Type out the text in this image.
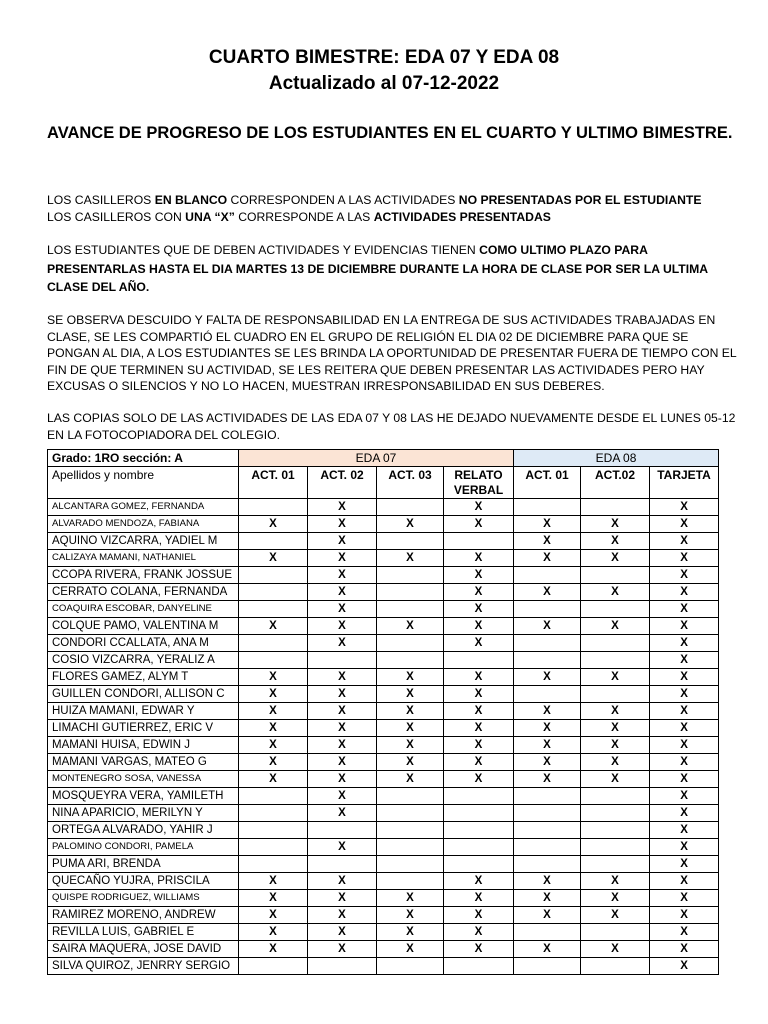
CUARTO BIMESTRE: EDA 07 Y EDA 08
Actualizado al 07-12-2022
AVANCE DE PROGRESO DE LOS ESTUDIANTES EN EL CUARTO Y ULTIMO BIMESTRE.
LOS CASILLEROS EN BLANCO CORRESPONDEN A LAS ACTIVIDADES NO PRESENTADAS POR EL ESTUDIANTE
LOS CASILLEROS CON UNA “X” CORRESPONDE A LAS ACTIVIDADES PRESENTADAS
LOS ESTUDIANTES QUE DE DEBEN ACTIVIDADES Y EVIDENCIAS TIENEN COMO ULTIMO PLAZO PARA PRESENTARLAS HASTA EL DIA MARTES 13 DE DICIEMBRE DURANTE LA HORA DE CLASE POR SER LA ULTIMA CLASE DEL AÑO.
SE OBSERVA DESCUIDO Y FALTA DE RESPONSABILIDAD EN LA ENTREGA DE SUS ACTIVIDADES TRABAJADAS EN CLASE, SE LES COMPARTIÓ EL CUADRO EN EL GRUPO DE RELIGIÓN EL DIA 02 DE DICIEMBRE PARA QUE SE PONGAN AL DIA, A LOS ESTUDIANTES SE LES BRINDA LA OPORTUNIDAD DE PRESENTAR FUERA DE TIEMPO CON EL FIN DE QUE TERMINEN SU ACTIVIDAD, SE LES REITERA QUE DEBEN PRESENTAR LAS ACTIVIDADES PERO HAY EXCUSAS O SILENCIOS Y NO LO HACEN, MUESTRAN IRRESPONSABILIDAD EN SUS DEBERES.
LAS COPIAS SOLO DE LAS ACTIVIDADES DE LAS EDA 07 Y 08 LAS HE DEJADO NUEVAMENTE DESDE EL LUNES 05-12 EN LA FOTOCOPIADORA DEL COLEGIO.
Grado: 1RO sección: A	EDA 07				EDA 08		
Apellidos y nombre	ACT. 01	ACT. 02	ACT. 03	RELATO VERBAL	ACT. 01	ACT.02	TARJETA
ALCANTARA GOMEZ, FERNANDA		X		X			X
ALVARADO MENDOZA, FABIANA	X	X	X	X	X	X	X
AQUINO VIZCARRA, YADIEL M		X			X	X	X
CALIZAYA MAMANI, NATHANIEL	X	X	X	X	X	X	X
CCOPA RIVERA, FRANK JOSSUE		X		X			X
CERRATO COLANA, FERNANDA		X		X	X	X	X
COAQUIRA ESCOBAR, DANYELINE		X		X			X
COLQUE PAMO, VALENTINA M	X	X	X	X	X	X	X
CONDORI CCALLATA, ANA M		X		X			X
COSIO VIZCARRA, YERALIZ A							X
FLORES GAMEZ, ALYM T	X	X	X	X	X	X	X
GUILLEN CONDORI, ALLISON C	X	X	X	X			X
HUIZA MAMANI, EDWAR Y	X	X	X	X	X	X	X
LIMACHI GUTIERREZ, ERIC V	X	X	X	X	X	X	X
MAMANI HUISA, EDWIN J	X	X	X	X	X	X	X
MAMANI VARGAS, MATEO G	X	X	X	X	X	X	X
MONTENEGRO SOSA, VANESSA	X	X	X	X	X	X	X
MOSQUEYRA VERA, YAMILETH		X					X
NINA APARICIO, MERILYN Y		X					X
ORTEGA ALVARADO, YAHIR J							X
PALOMINO CONDORI, PAMELA		X					X
PUMA ARI, BRENDA							X
QUECAÑO YUJRA, PRISCILA	X	X		X	X	X	X
QUISPE RODRIGUEZ, WILLIAMS	X	X	X	X	X	X	X
RAMIREZ MORENO, ANDREW	X	X	X	X	X	X	X
REVILLA LUIS, GABRIEL E	X	X	X	X			X
SAIRA MAQUERA, JOSE DAVID	X	X	X	X	X	X	X
SILVA QUIROZ, JENRRY SERGIO							X
